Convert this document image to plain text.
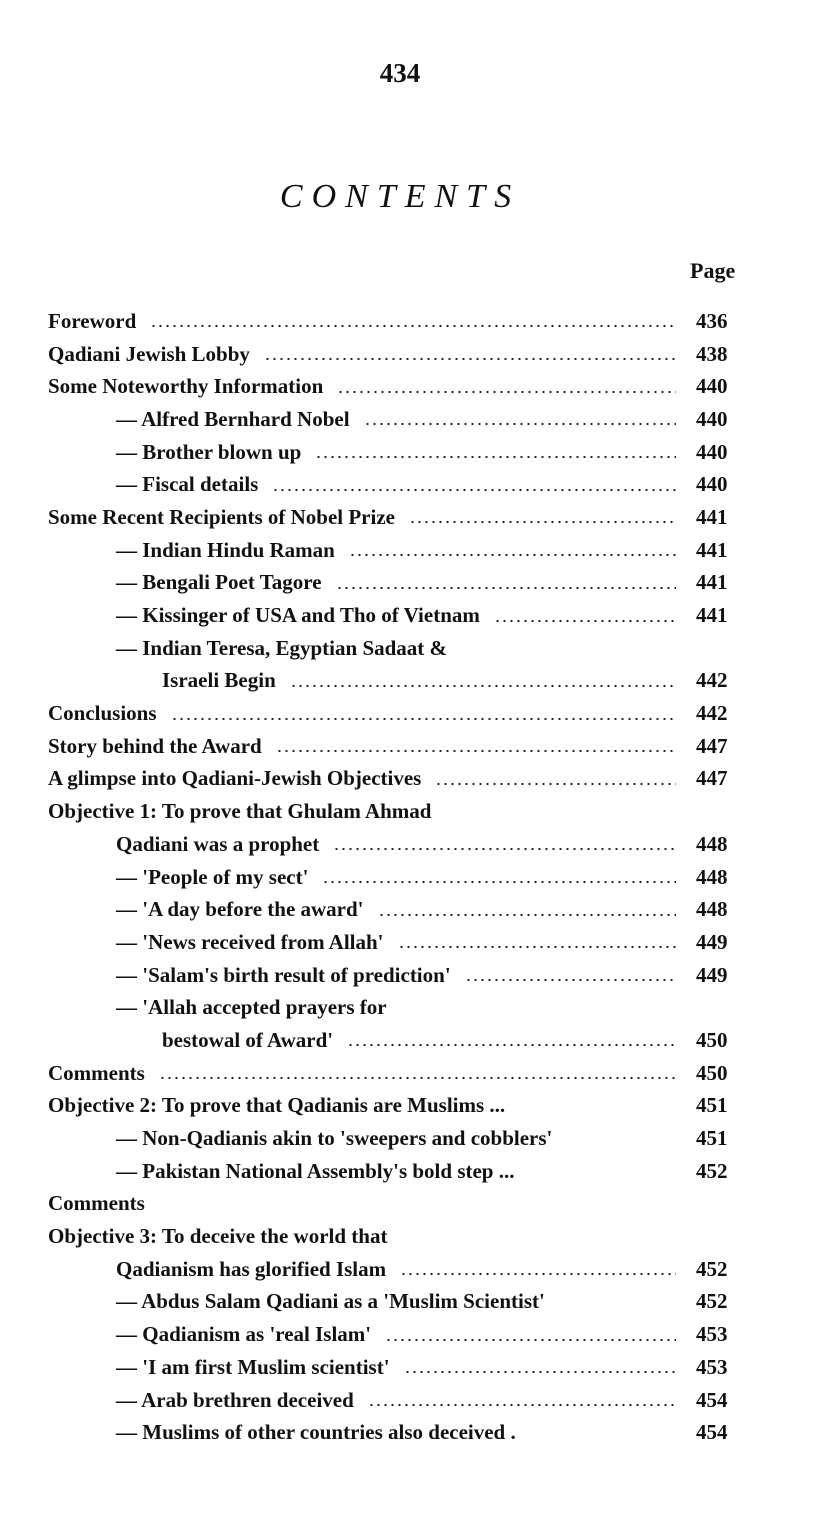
434
CONTENTS
Page
Foreword	436
Qadiani Jewish Lobby	438
Some Noteworthy Information	440
— Alfred Bernhard Nobel	440
— Brother blown up	440
— Fiscal details	440
Some Recent Recipients of Nobel Prize	441
— Indian Hindu Raman	441
— Bengali Poet Tagore	441
— Kissinger of USA and Tho of Vietnam	441
— Indian Teresa, Egyptian Sadaat &
Israeli Begin	442
Conclusions	442
Story behind the Award	447
A glimpse into Qadiani-Jewish Objectives	447
Objective 1: To prove that Ghulam Ahmad
Qadiani was a prophet	448
— 'People of my sect'	448
— 'A day before the award'	448
— 'News received from Allah'	449
— 'Salam's birth result of prediction'	449
— 'Allah accepted prayers for
bestowal of Award'	450
Comments	450
Objective 2: To prove that Qadianis are Muslims ...	451
— Non-Qadianis akin to 'sweepers and cobblers'	451
— Pakistan National Assembly's bold step ...	452
Comments
Objective 3: To deceive the world that
Qadianism has glorified Islam	452
— Abdus Salam Qadiani as a 'Muslim Scientist'	452
— Qadianism as 'real Islam'	453
— 'I am first Muslim scientist'	453
— Arab brethren deceived	454
— Muslims of other countries also deceived .	454
